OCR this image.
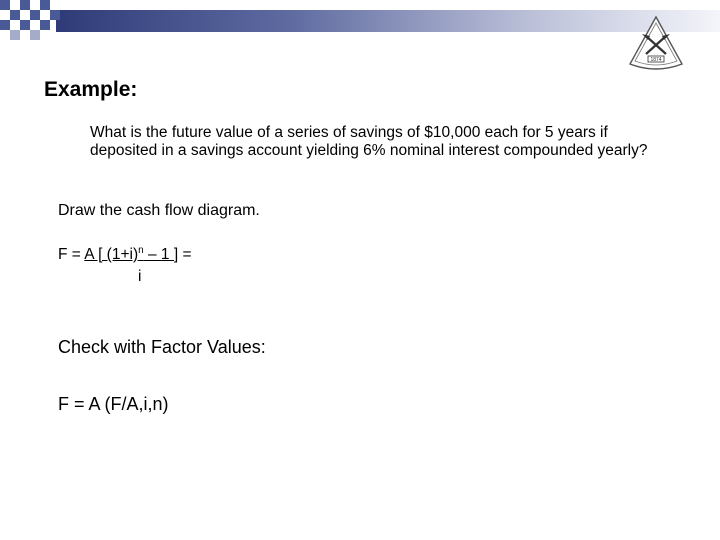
1874
Example:
What is the future value of a series of savings of $10,000 each for 5 years if deposited in a savings account yielding 6% nominal interest compounded yearly?
Draw the cash flow diagram.
F = A [ $(1+i)^n - 1$ ] =
i
Check with Factor Values:
F = A (F/A,i,n)
